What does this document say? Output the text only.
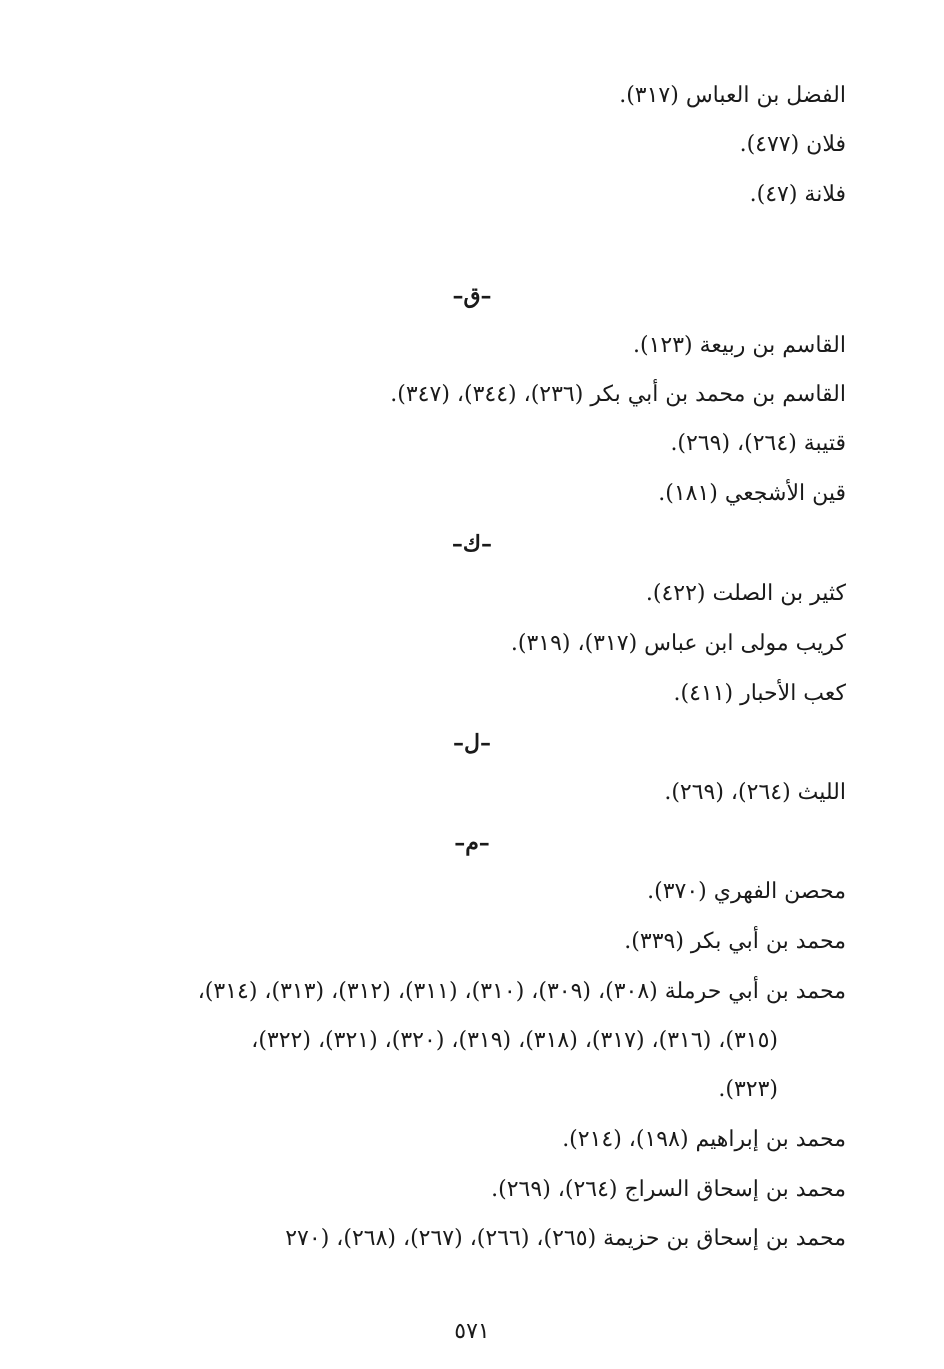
الفضل بن العباس (٣١٧).
فلان (٤٧٧).
فلانة (٤٧).
–ق–
القاسم بن ربيعة (١٢٣).
القاسم بن محمد بن أبي بكر (٢٣٦)، (٣٤٤)، (٣٤٧).
قتيبة (٢٦٤)، (٢٦٩).
قين الأشجعي (١٨١).
–ك–
كثير بن الصلت (٤٢٢).
كريب مولى ابن عباس (٣١٧)، (٣١٩).
كعب الأحبار (٤١١).
–ل–
الليث (٢٦٤)، (٢٦٩).
–م–
محصن الفهري (٣٧٠).
محمد بن أبي بكر (٣٣٩).
محمد بن أبي حرملة (٣٠٨)، (٣٠٩)، (٣١٠)، (٣١١)، (٣١٢)، (٣١٣)، (٣١٤)،
(٣١٥)، (٣١٦)، (٣١٧)، (٣١٨)، (٣١٩)، (٣٢٠)، (٣٢١)، (٣٢٢)،
(٣٢٣).
محمد بن إبراهيم (١٩٨)، (٢١٤).
محمد بن إسحاق السراج (٢٦٤)، (٢٦٩).
محمد بن إسحاق بن حزيمة (٢٦٥)، (٢٦٦)، (٢٦٧)، (٢٦٨)، (٢٧٠
٥٧١
